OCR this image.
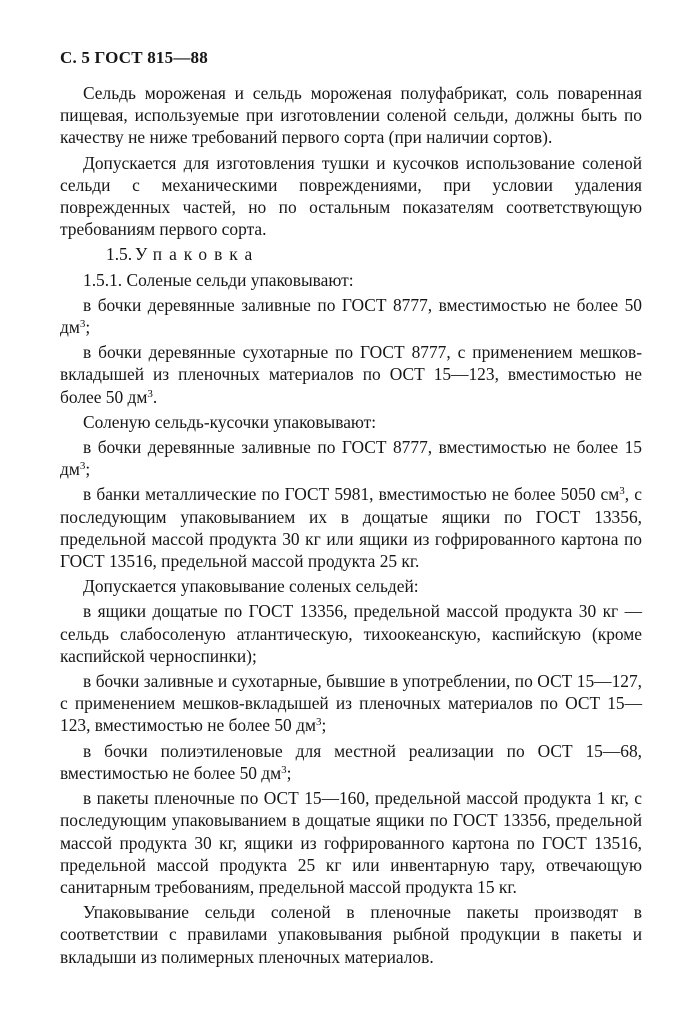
С. 5 ГОСТ 815—88

Сельдь мороженая и сельдь мороженая полуфабрикат, соль поваренная пищевая, используемые при изготовлении соленой сельди, должны быть по качеству не ниже требований первого сорта (при наличии сортов).

Допускается для изготовления тушки и кусочков использование соленой сельди с механическими повреждениями, при условии удаления поврежденных частей, но по остальным показателям соответствующую требованиям первого сорта.

1.5. Упаковка

1.5.1. Соленые сельди упаковывают:

в бочки деревянные заливные по ГОСТ 8777, вместимостью не более 50 $дм^3$;

в бочки деревянные сухотарные по ГОСТ 8777, с применением мешков-вкладышей из пленочных материалов по ОСТ 15—123, вместимостью не более 50 $дм^3$.

Соленую сельдь-кусочки упаковывают:

в бочки деревянные заливные по ГОСТ 8777, вместимостью не более 15 $дм^3$;

в банки металлические по ГОСТ 5981, вместимостью не более 5050 $см^3$, с последующим упаковыванием их в дощатые ящики по ГОСТ 13356, предельной массой продукта 30 кг или ящики из гофрированного картона по ГОСТ 13516, предельной массой продукта 25 кг.

Допускается упаковывание соленых сельдей:

в ящики дощатые по ГОСТ 13356, предельной массой продукта 30 кг — сельдь слабосоленую атлантическую, тихоокеанскую, каспийскую (кроме каспийской черноспинки);

в бочки заливные и сухотарные, бывшие в употреблении, по ОСТ 15—127, с применением мешков-вкладышей из пленочных материалов по ОСТ 15—123, вместимостью не более 50 $дм^3$;

в бочки полиэтиленовые для местной реализации по ОСТ 15—68, вместимостью не более 50 $дм^3$;

в пакеты пленочные по ОСТ 15—160, предельной массой продукта 1 кг, с последующим упаковыванием в дощатые ящики по ГОСТ 13356, предельной массой продукта 30 кг, ящики из гофрированного картона по ГОСТ 13516, предельной массой продукта 25 кг или инвентарную тару, отвечающую санитарным требованиям, предельной массой продукта 15 кг.

Упаковывание сельди соленой в пленочные пакеты производят в соответствии с правилами упаковывания рыбной продукции в пакеты и вкладыши из полимерных пленочных материалов.
